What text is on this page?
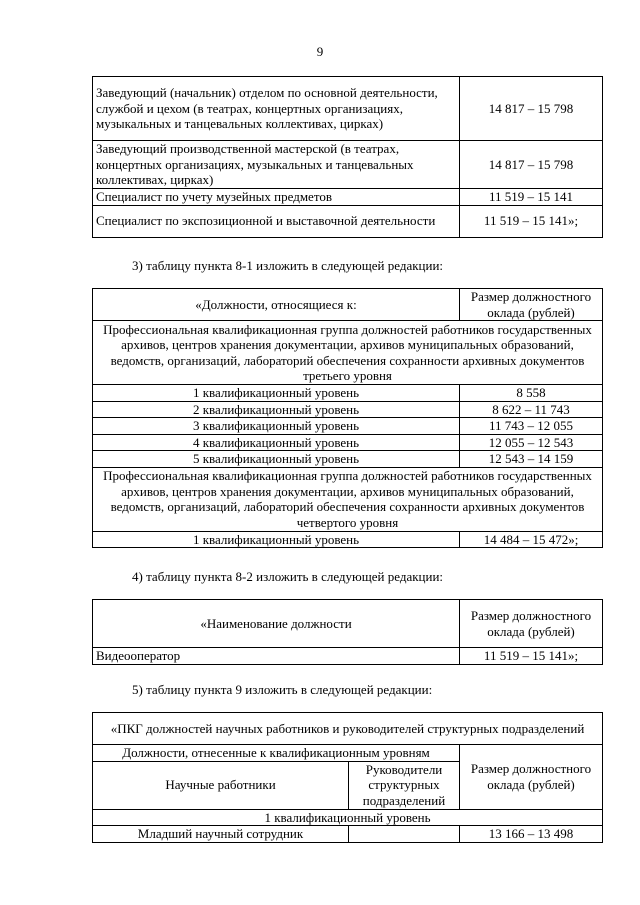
9
Заведующий (начальник) отделом по основной деятельности, службой и цехом (в театрах, концертных организациях, музыкальных и танцевальных коллективах, цирках)	14 817 – 15 798
Заведующий производственной мастерской (в театрах, концертных организациях, музыкальных и танцевальных коллективах, цирках)	14 817 – 15 798
Специалист по учету музейных предметов	11 519 – 15 141
Специалист по экспозиционной и выставочной деятельности	11 519 – 15 141»;
3) таблицу пункта 8-1 изложить в следующей редакции:
«Должности, относящиеся к:	Размер должностного оклада (рублей)
Профессиональная квалификационная группа должностей работников государственных архивов, центров хранения документации, архивов муниципальных образований, ведомств, организаций, лабораторий обеспечения сохранности архивных документов третьего уровня	
1 квалификационный уровень	8 558
2 квалификационный уровень	8 622 – 11 743
3 квалификационный уровень	11 743 – 12 055
4 квалификационный уровень	12 055 – 12 543
5 квалификационный уровень	12 543 – 14 159
Профессиональная квалификационная группа должностей работников государственных архивов, центров хранения документации, архивов муниципальных образований, ведомств, организаций, лабораторий обеспечения сохранности архивных документов четвертого уровня	
1 квалификационный уровень	14 484 – 15 472»;
4) таблицу пункта 8-2 изложить в следующей редакции:
«Наименование должности	Размер должностного оклада (рублей)
Видеооператор	11 519 – 15 141»;
5) таблицу пункта 9 изложить в следующей редакции:
«ПКГ должностей научных работников и руководителей структурных подразделений		
Должности, отнесенные к квалификационным уровням		Размер должностного оклада (рублей)
Научные работники	Руководители структурных подразделений	
1 квалификационный уровень		
Младший научный сотрудник		13 166 – 13 498
